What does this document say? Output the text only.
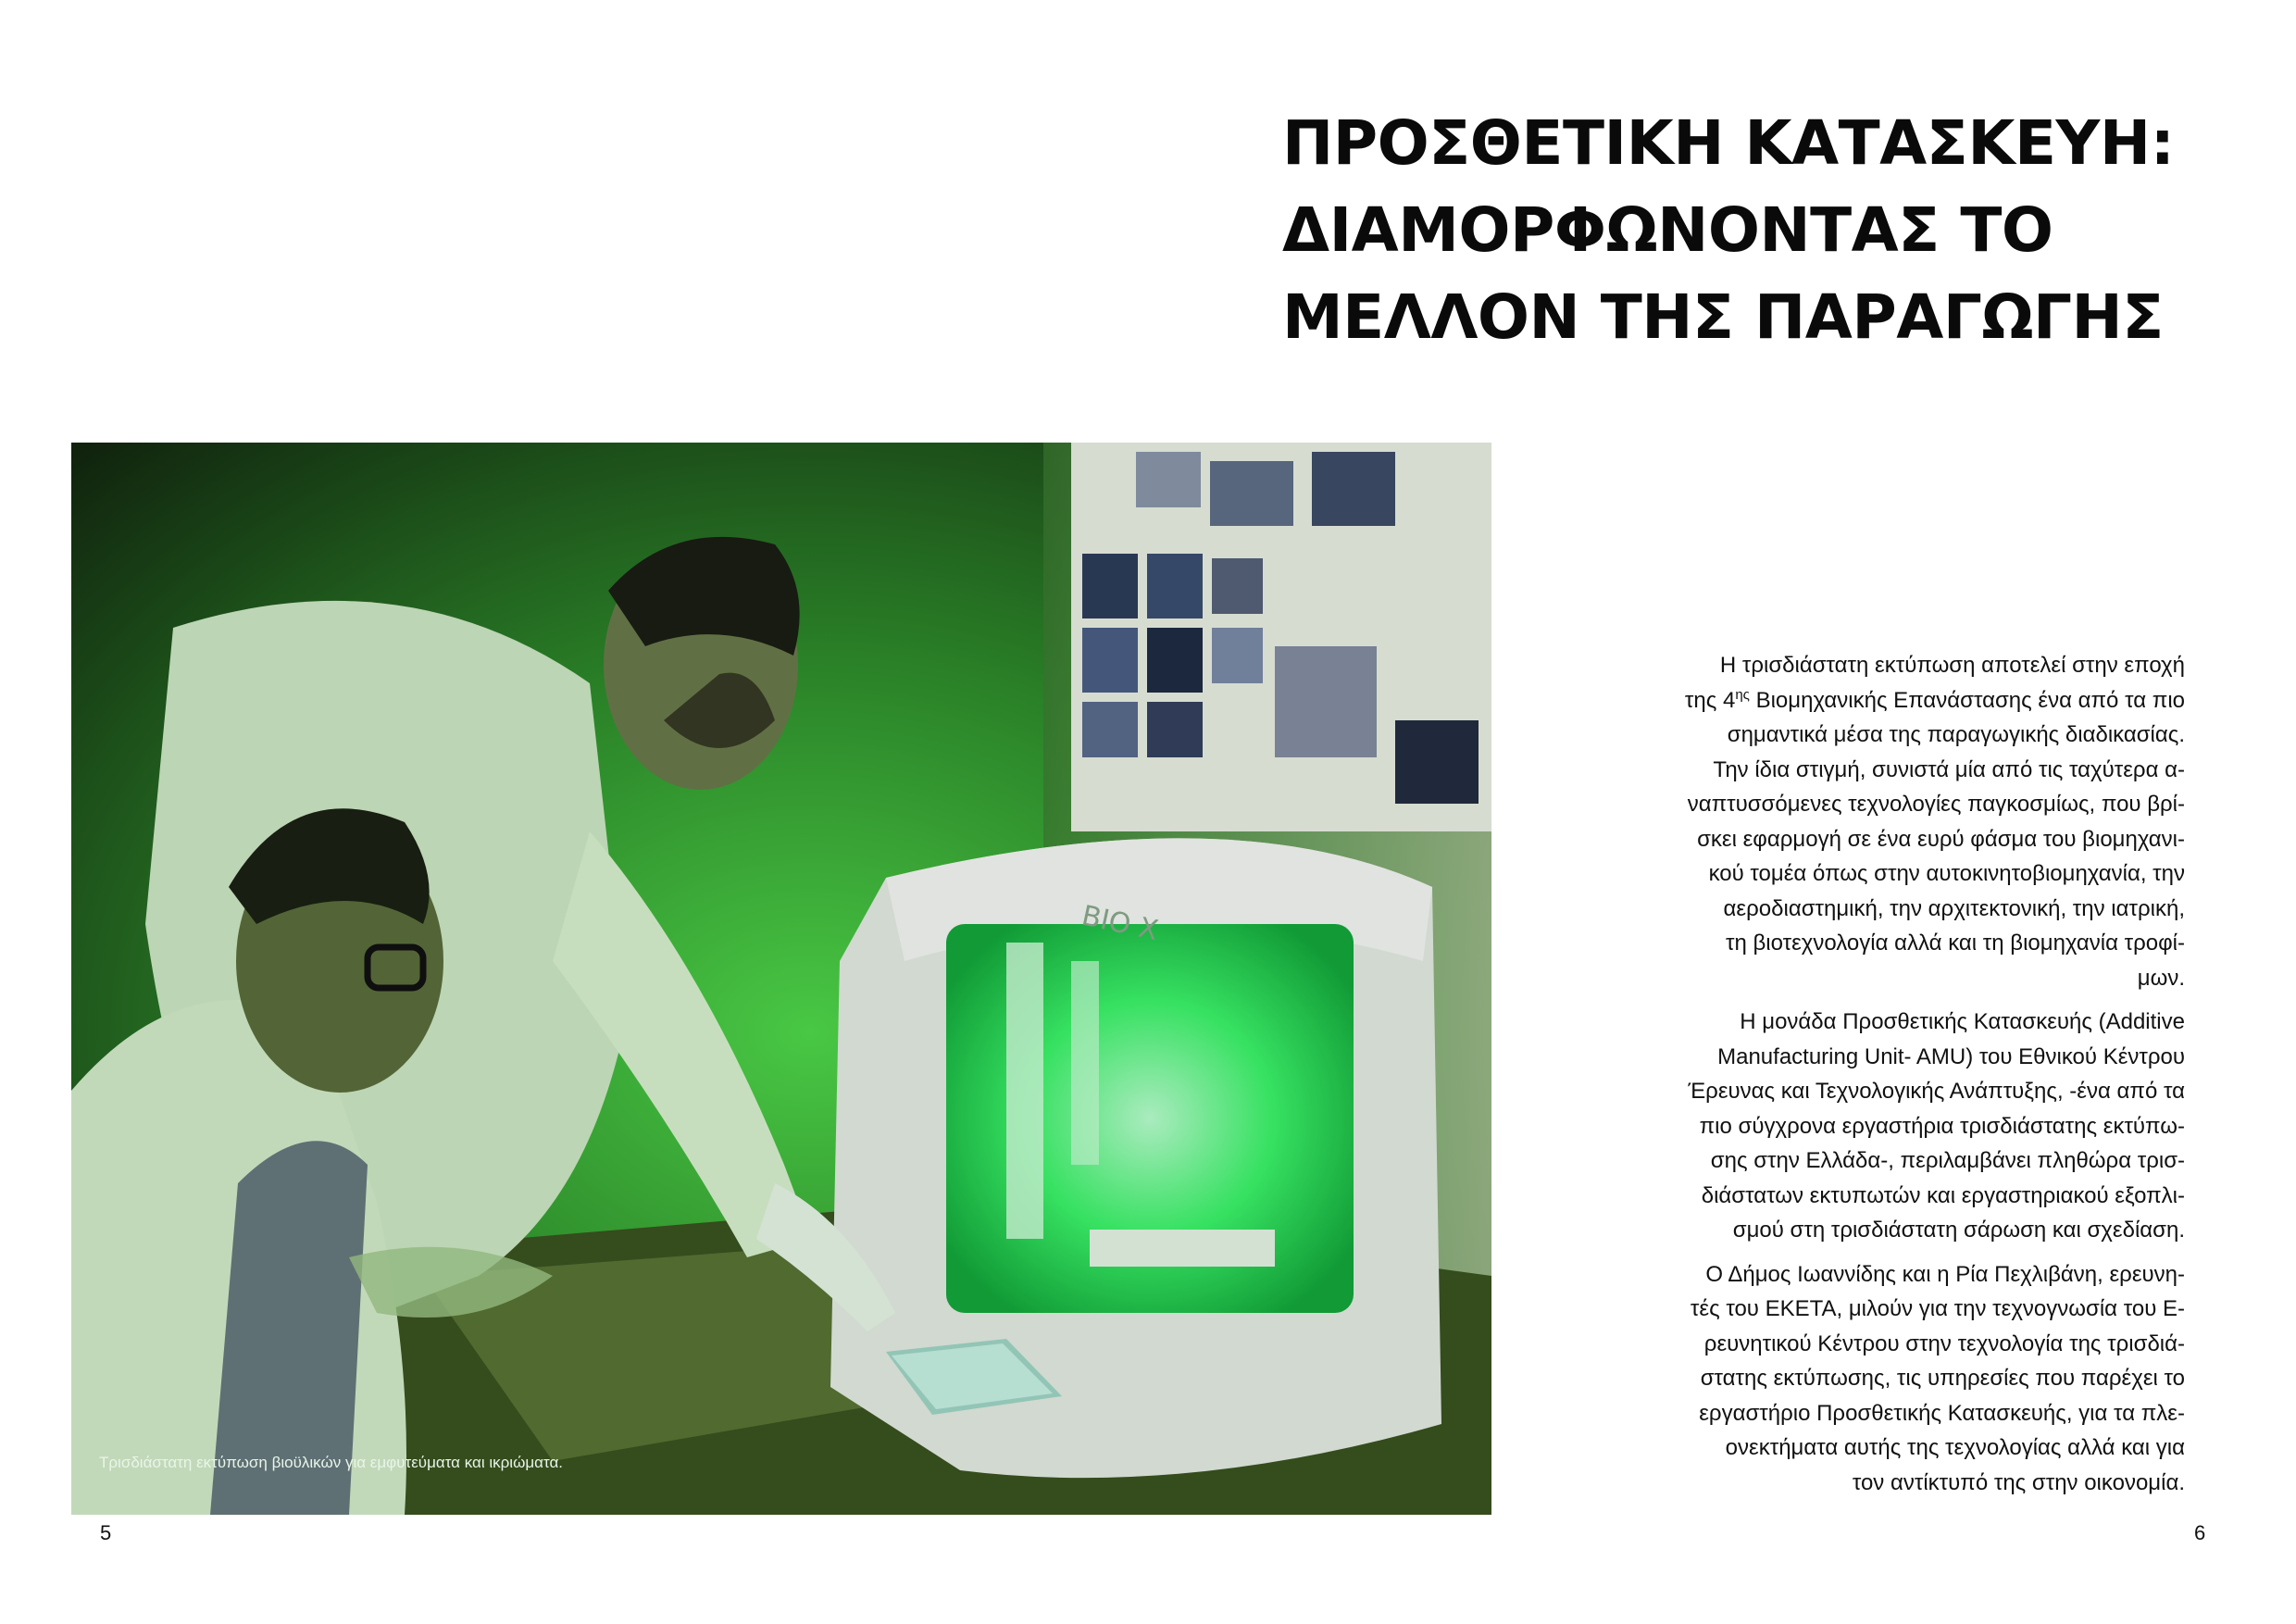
ΠΡΟΣΘΕΤΙΚΗ ΚΑΤΑΣΚΕΥΗ:
ΔΙΑΜΟΡΦΩΝΟΝΤΑΣ ΤΟ
ΜΕΛΛΟΝ ΤΗΣ ΠΑΡΑΓΩΓΗΣ
BIO X
Τρισδιάστατη εκτύπωση βιοϋλικών για εμφυτεύματα και ικριώματα.

Η τρισδιάστατη εκτύπωση αποτελεί στην εποχή
της $4^{\eta\varsigma}$ Βιομηχανικής Επανάστασης ένα από τα πιο
σημαντικά μέσα της παραγωγικής διαδικασίας.
Την ίδια στιγμή, συνιστά μία από τις ταχύτερα α-
ναπτυσσόμενες τεχνολογίες παγκοσμίως, που βρί-
σκει εφαρμογή σε ένα ευρύ φάσμα του βιομηχανι-
κού τομέα όπως στην αυτοκινητοβιομηχανία, την
αεροδιαστημική, την αρχιτεκτονική, την ιατρική,
τη βιοτεχνολογία αλλά και τη βιομηχανία τροφί-
μων.

Η μονάδα Προσθετικής Κατασκευής (Additive
Manufacturing Unit- AMU) του Εθνικού Κέντρου
Έρευνας και Τεχνολογικής Ανάπτυξης, -ένα από τα
πιο σύγχρονα εργαστήρια τρισδιάστατης εκτύπω-
σης στην Ελλάδα-, περιλαμβάνει πληθώρα τρισ-
διάστατων εκτυπωτών και εργαστηριακού εξοπλι-
σμού στη τρισδιάστατη σάρωση και σχεδίαση.

Ο Δήμος Ιωαννίδης και η Ρία Πεχλιβάνη, ερευνη-
τές του ΕΚΕΤΑ, μιλούν για την τεχνογνωσία του Ε-
ρευνητικού Κέντρου στην τεχνολογία της τρισδιά-
στατης εκτύπωσης, τις υπηρεσίες που παρέχει το
εργαστήριο Προσθετικής Κατασκευής, για τα πλε-
ονεκτήματα αυτής της τεχνολογίας αλλά και για
τον αντίκτυπό της στην οικονομία.

5	6
